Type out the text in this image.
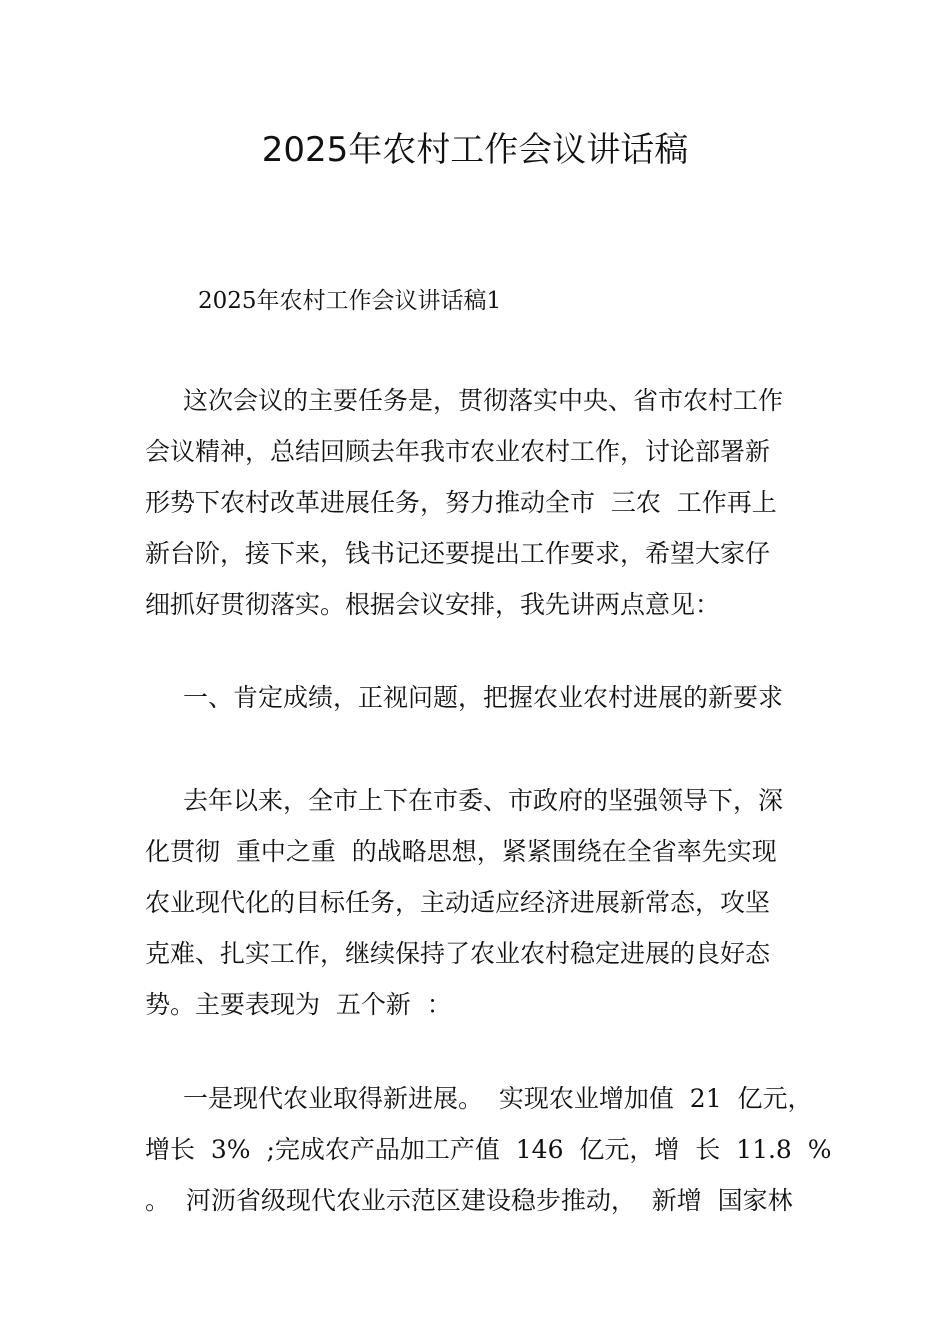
2025年农村工作会议讲话稿
2025年农村工作会议讲话稿1
这次会议的主要任务是，贯彻落实中央、省市农村工作
会议精神，总结回顾去年我市农业农村工作，讨论部署新
形势下农村改革进展任务，努力推动全市  三农  工作再上
新台阶，接下来，钱书记还要提出工作要求，希望大家仔
细抓好贯彻落实。根据会议安排，我先讲两点意见：
一、肯定成绩，正视问题，把握农业农村进展的新要求
去年以来，全市上下在市委、市政府的坚强领导下，深
化贯彻  重中之重  的战略思想，紧紧围绕在全省率先实现
农业现代化的目标任务，主动适应经济进展新常态，攻坚
克难、扎实工作，继续保持了农业农村稳定进展的良好态
势。主要表现为  五个新  ：
一是现代农业取得新进展。  实现农业增加值  21  亿元，
增长  3%  ;完成农产品加工产值  146  亿元，增  长  11.8  %
。  河沥省级现代农业示范区建设稳步推动，  新增  国家林
